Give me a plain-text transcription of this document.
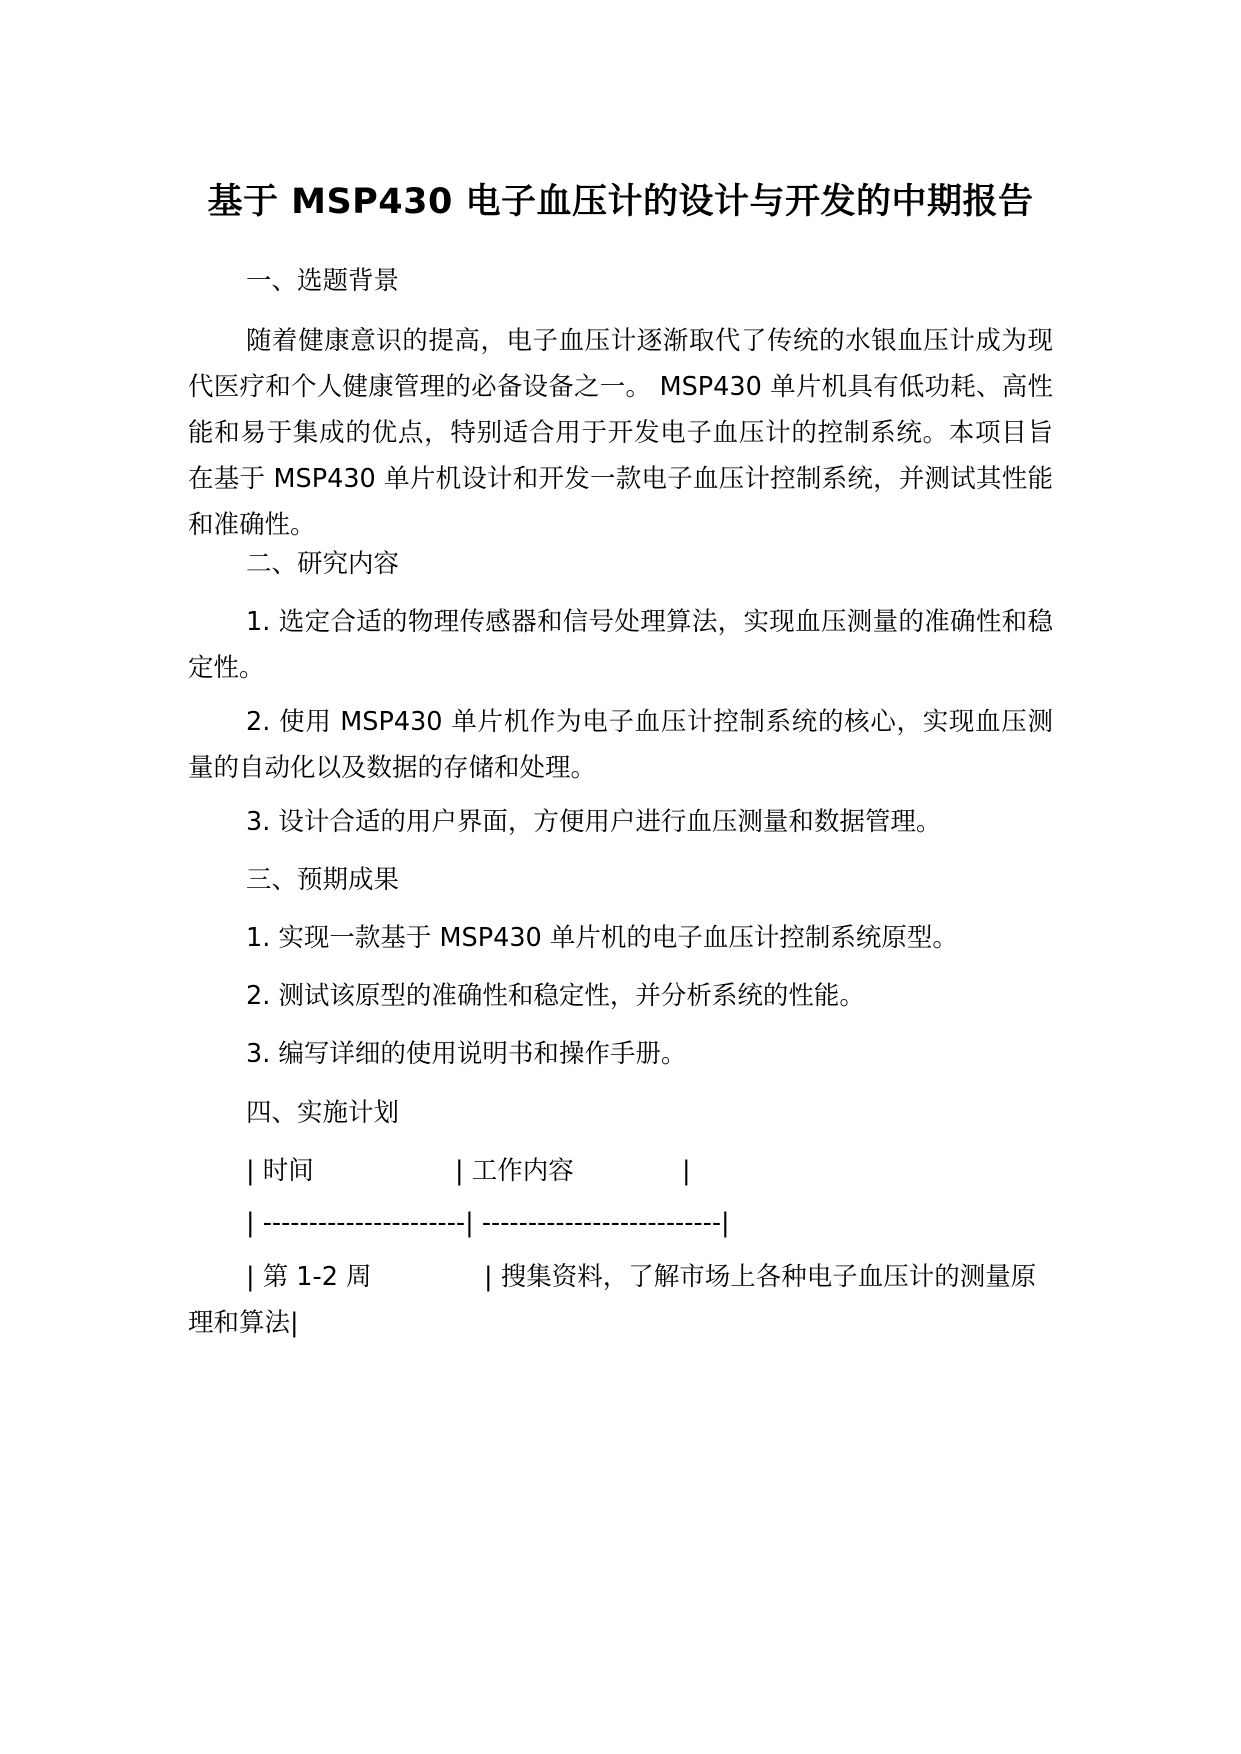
基于 MSP430 电子血压计的设计与开发的中期报告

一、选题背景

随着健康意识的提高，电子血压计逐渐取代了传统的水银血压计成为现代医疗和个人健康管理的必备设备之一。 MSP430 单片机具有低功耗、高性能和易于集成的优点，特别适合用于开发电子血压计的控制系统。本项目旨在基于 MSP430 单片机设计和开发一款电子血压计控制系统，并测试其性能和准确性。

二、研究内容

1. 选定合适的物理传感器和信号处理算法，实现血压测量的准确性和稳定性。

2. 使用 MSP430 单片机作为电子血压计控制系统的核心，实现血压测量的自动化以及数据的存储和处理。

3. 设计合适的用户界面，方便用户进行血压测量和数据管理。

三、预期成果

1. 实现一款基于 MSP430 单片机的电子血压计控制系统原型。

2. 测试该原型的准确性和稳定性，并分析系统的性能。

3. 编写详细的使用说明书和操作手册。

四、实施计划

| 时间	| 工作内容	|

| ----------------------| --------------------------|

| 第 1-2 周	| 搜集资料，了解市场上各种电子血压计的测量原理和算法|
